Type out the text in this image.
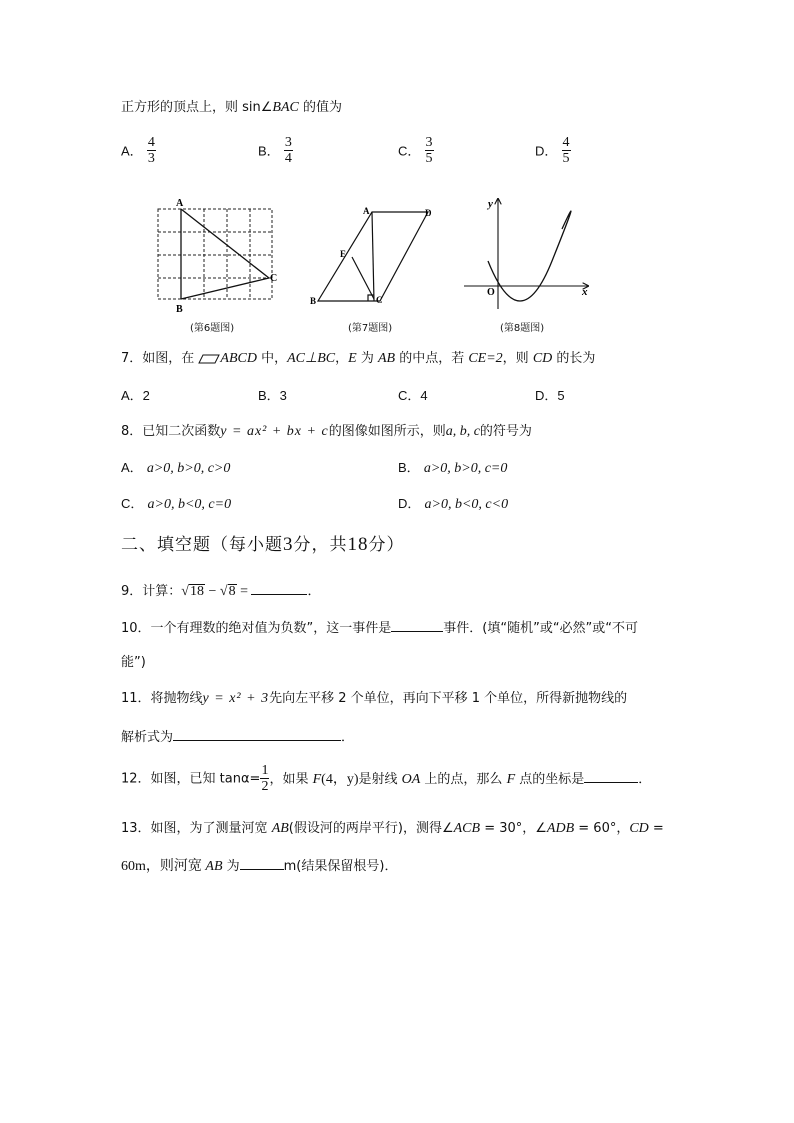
正方形的顶点上，则 sin∠BAC 的值为
A． $\frac{4}{3}$	B． $\frac{3}{4}$	C． $\frac{3}{5}$	D． $\frac{4}{5}$
A
B
C
(第6题图)
A	D
E
B	C
(第7题图)
y
x
O
(第8题图)
7．如图，在 ABCD 中，AC⊥BC，E 为 AB 的中点，若 CE=2，则 CD 的长为
A．2	B．3	C．4	D．5
8．已知二次函数y = ax² + bx + c的图像如图所示，则a, b, c的符号为
A． a>0, b>0, c>0	B． a>0, b>0, c=0
C． a>0, b<0, c=0	D． a>0, b<0, c<0
二、填空题（每小题3分，共18分）
9．计算：√18 − √8 =	．
10．一个有理数的绝对值为负数”，这一事件是	事件．(填“随机”或“必然”或“不可
能”)
11．将抛物线y = x² + 3先向左平移 2 个单位，再向下平移 1 个单位，所得新抛物线的
解析式为	．
12．如图，已知 $\tan\alpha= \frac{1}{2}$ ，如果 F(4，y)是射线 OA 上的点，那么 F 点的坐标是	．
13．如图，为了测量河宽 AB(假设河的两岸平行)，测得∠ACB = 30°，∠ADB = 60°，CD =
60m，则河宽 AB 为	m(结果保留根号)．
